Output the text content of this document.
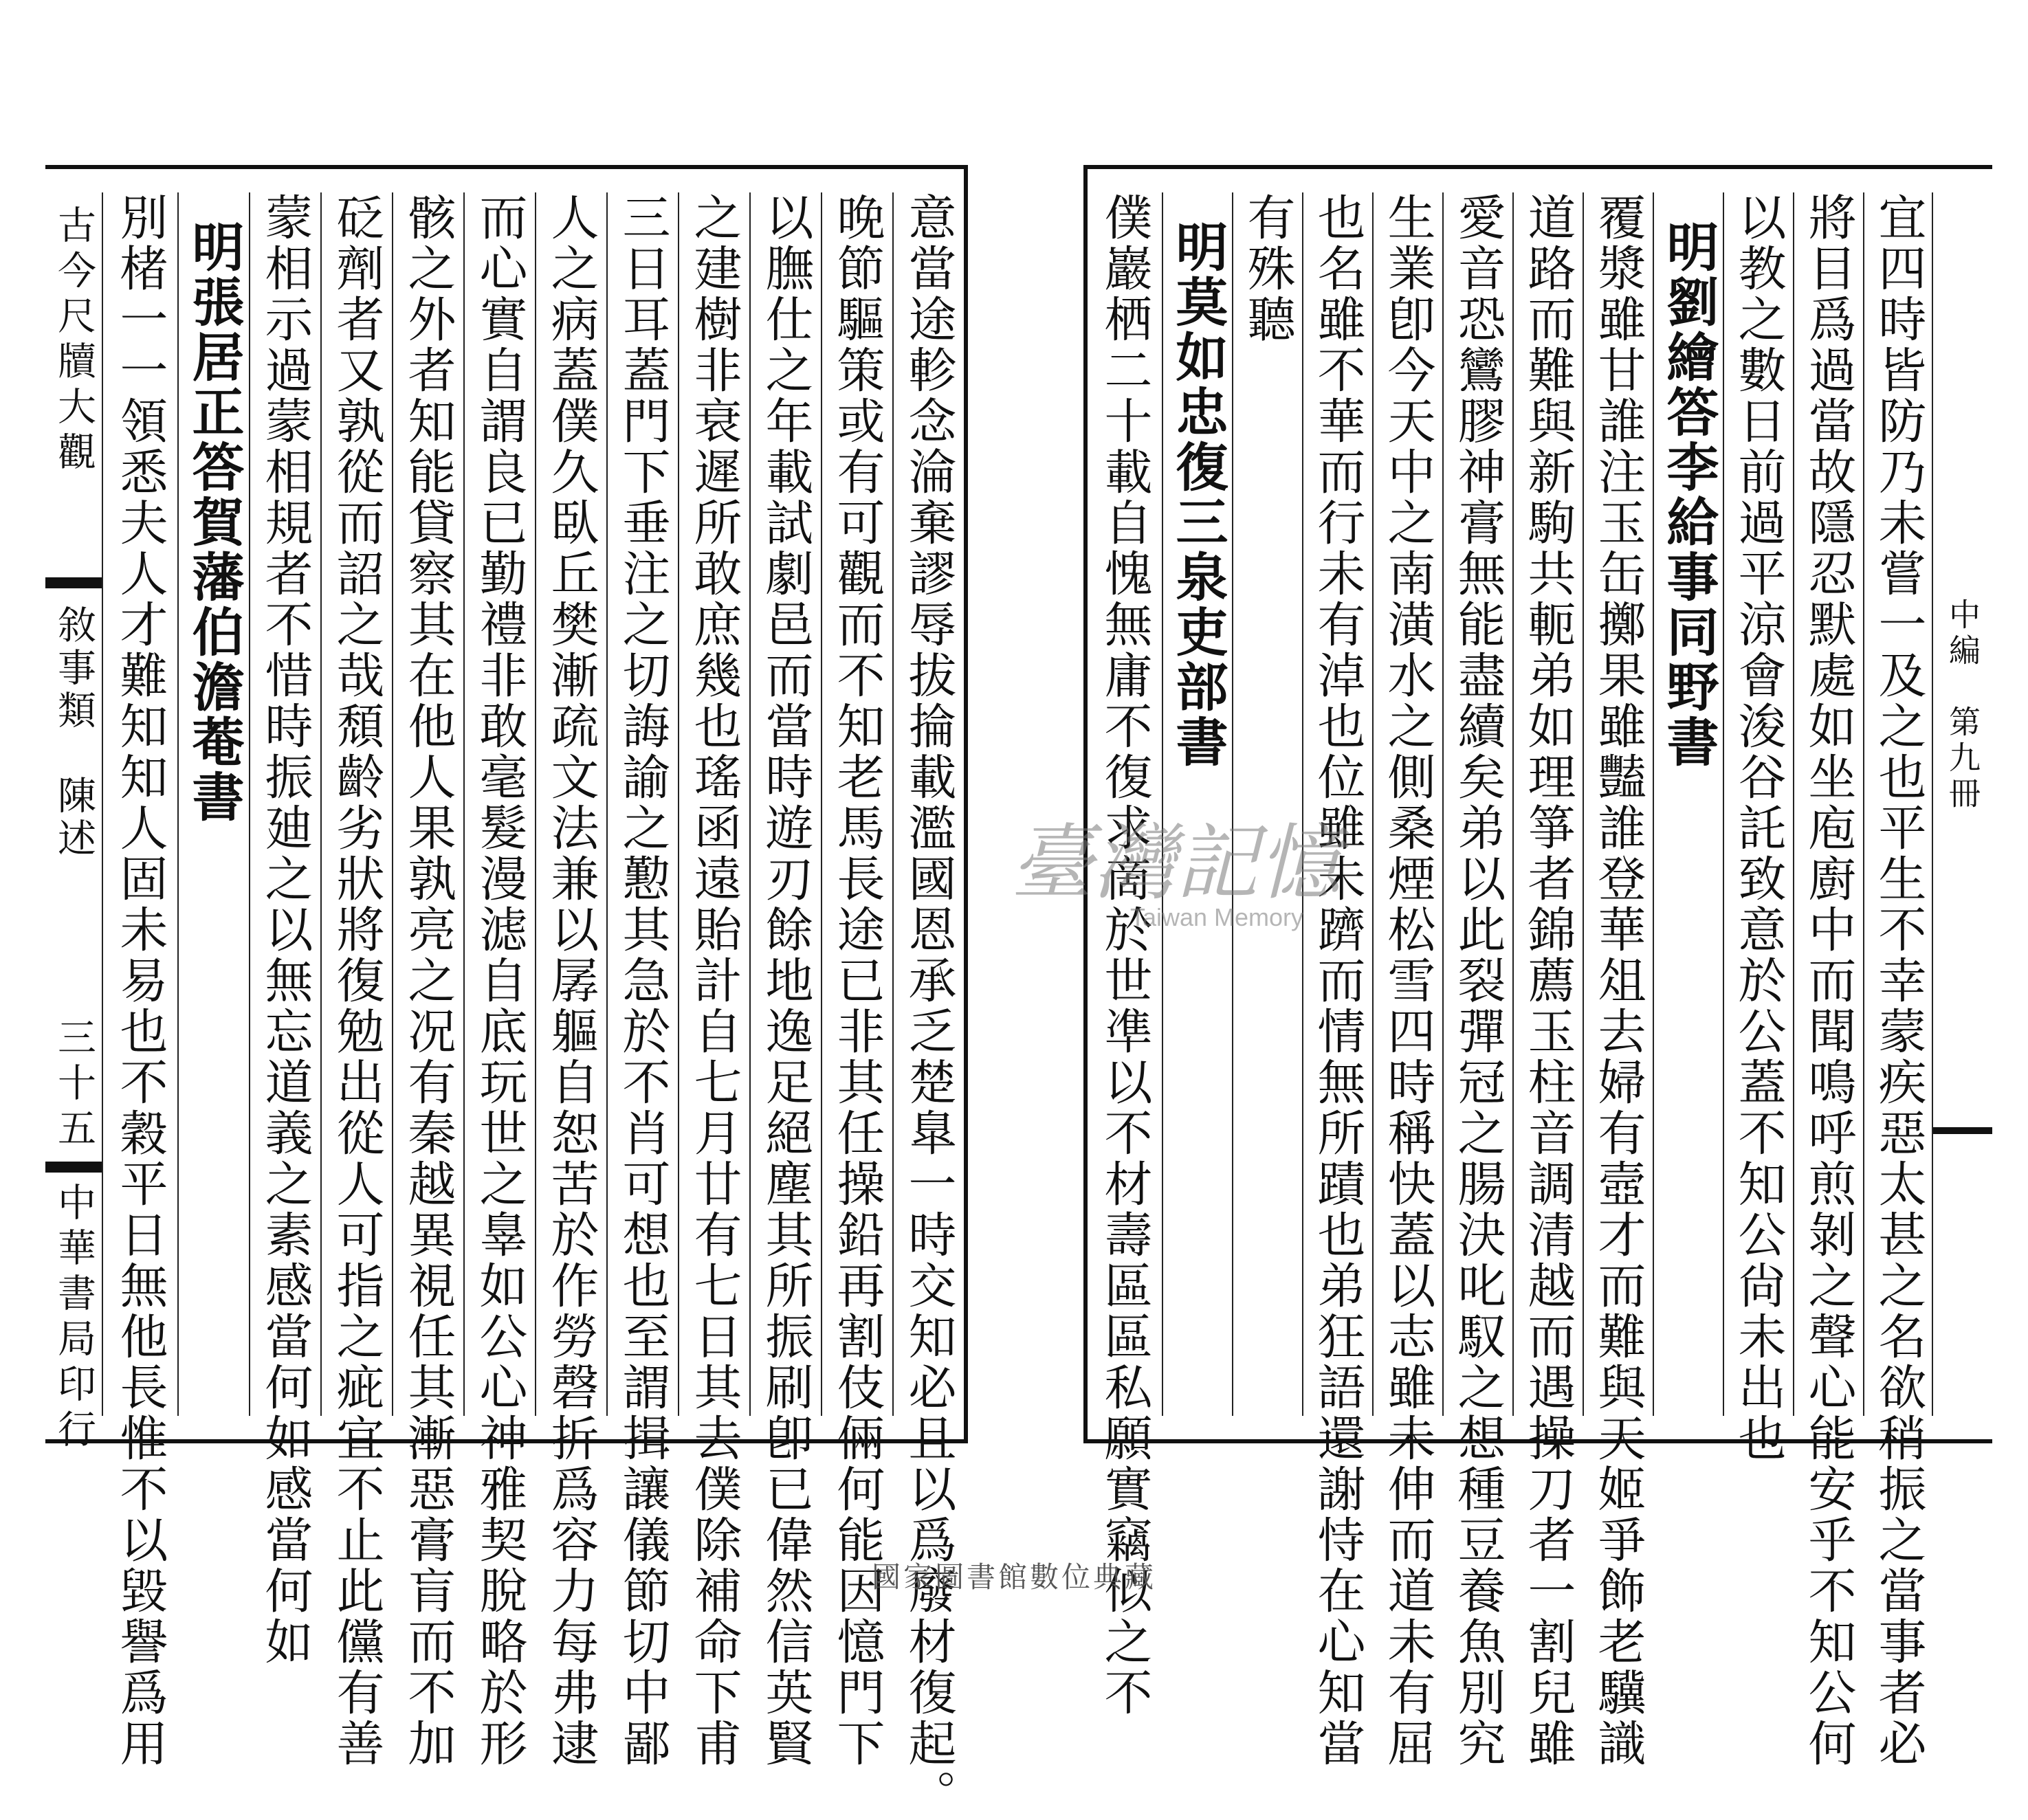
古今尺牘大觀
敘事類　陳述
三十五
中華書局印行	意當途軫念淪棄謬辱拔掄載濫國恩承乏楚臯一時交知必且以爲廢材復起。
晚節驅策或有可觀而不知老馬長途已非其任操鉛再割伎倆何能因憶門下
以膴仕之年載試劇邑而當時遊刃餘地逸足絕塵其所振刷卽已偉然信英賢
之建樹非衰遲所敢庶幾也瑤函遠貽計自七月廿有七日其去僕除補命下甫
三日耳蓋門下垂注之切誨諭之懃其急於不肖可想也至謂揖讓儀節切中鄙
人之病蓋僕久臥丘樊漸疏文法兼以孱軀自恕苦於作勞磬折爲容力每弗逮
而心實自謂良已勤禮非敢毫髮漫滤自底玩世之辠如公心神雅契脫略於形
骸之外者知能貸察其在他人果孰亮之况有秦越異視任其漸惡膏肓而不加
砭劑者又孰從而詔之哉頹齡劣狀將復勉出從人可指之疵宜不止此儻有善
蒙相示過蒙相規者不惜時振廸之以無忘道義之素感當何如感當何如
明張居正答賀藩伯澹菴書
別楮一一領悉夫人才難知知人固未易也不穀平日無他長惟不以毀譽爲用	中編　第九冊
宜四時皆防乃未嘗一及之也平生不幸蒙疾惡太甚之名欲稍振之當事者必
將目爲過當故隱忍默處如坐庖廚中而聞鳴呼煎剝之聲心能安乎不知公何
以教之數日前過平涼會浚谷託致意於公蓋不知公尙未出也
明劉繪答李給事同野書
覆漿雖甘誰注玉缶擲果雖豔誰登華俎去婦有壼才而難與天姬爭飾老驥識
道路而難與新駒共軛弟如理箏者錦薦玉柱音調清越而遇操刀者一割兒雖
愛音恐鸞膠神膏無能盡續矣弟以此裂彈冠之腸決叱馭之想種豆養魚別究
生業卽今天中之南潢水之側桑煙松雪四時稱快蓋以志雖未伸而道未有屈
也名雖不華而行未有淖也位雖未躋而情無所蹟也弟狂語還謝恃在心知當
有殊聽
明莫如忠復三泉吏部書
僕巖栖二十載自愧無庸不復求啇於世凖以不材壽區區私願實竊似之不
臺灣記憶
Taiwan Memory
國家圖書館數位典藏
